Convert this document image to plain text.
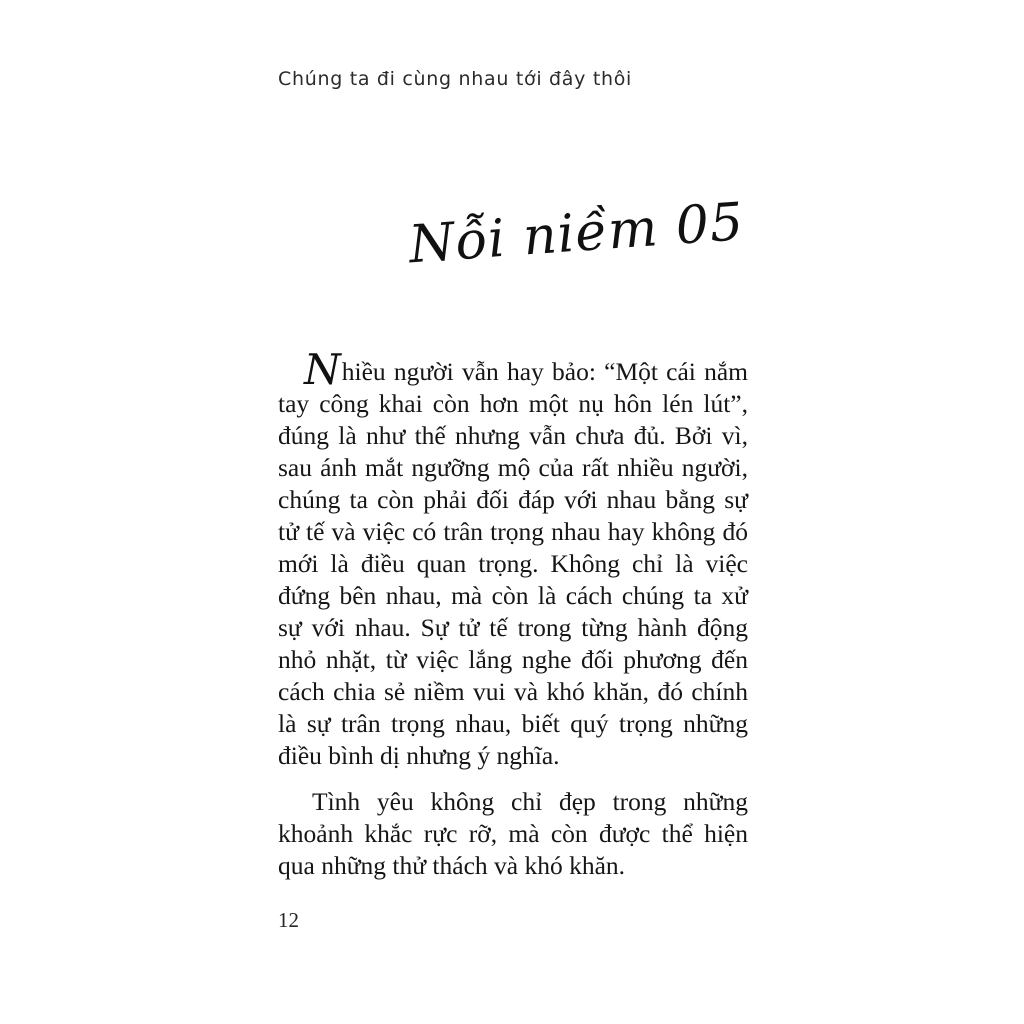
Chúng ta đi cùng nhau tới đây thôi
Nỗi niềm 05

Nhiều người vẫn hay bảo: “Một cái nắm tay công khai còn hơn một nụ hôn lén lút”, đúng là như thế nhưng vẫn chưa đủ. Bởi vì, sau ánh mắt ngưỡng mộ của rất nhiều người, chúng ta còn phải đối đáp với nhau bằng sự tử tế và việc có trân trọng nhau hay không đó mới là điều quan trọng. Không chỉ là việc đứng bên nhau, mà còn là cách chúng ta xử sự với nhau. Sự tử tế trong từng hành động nhỏ nhặt, từ việc lắng nghe đối phương đến cách chia sẻ niềm vui và khó khăn, đó chính là sự trân trọng nhau, biết quý trọng những điều bình dị nhưng ý nghĩa.

Tình yêu không chỉ đẹp trong những khoảnh khắc rực rỡ, mà còn được thể hiện qua những thử thách và khó khăn.

12
